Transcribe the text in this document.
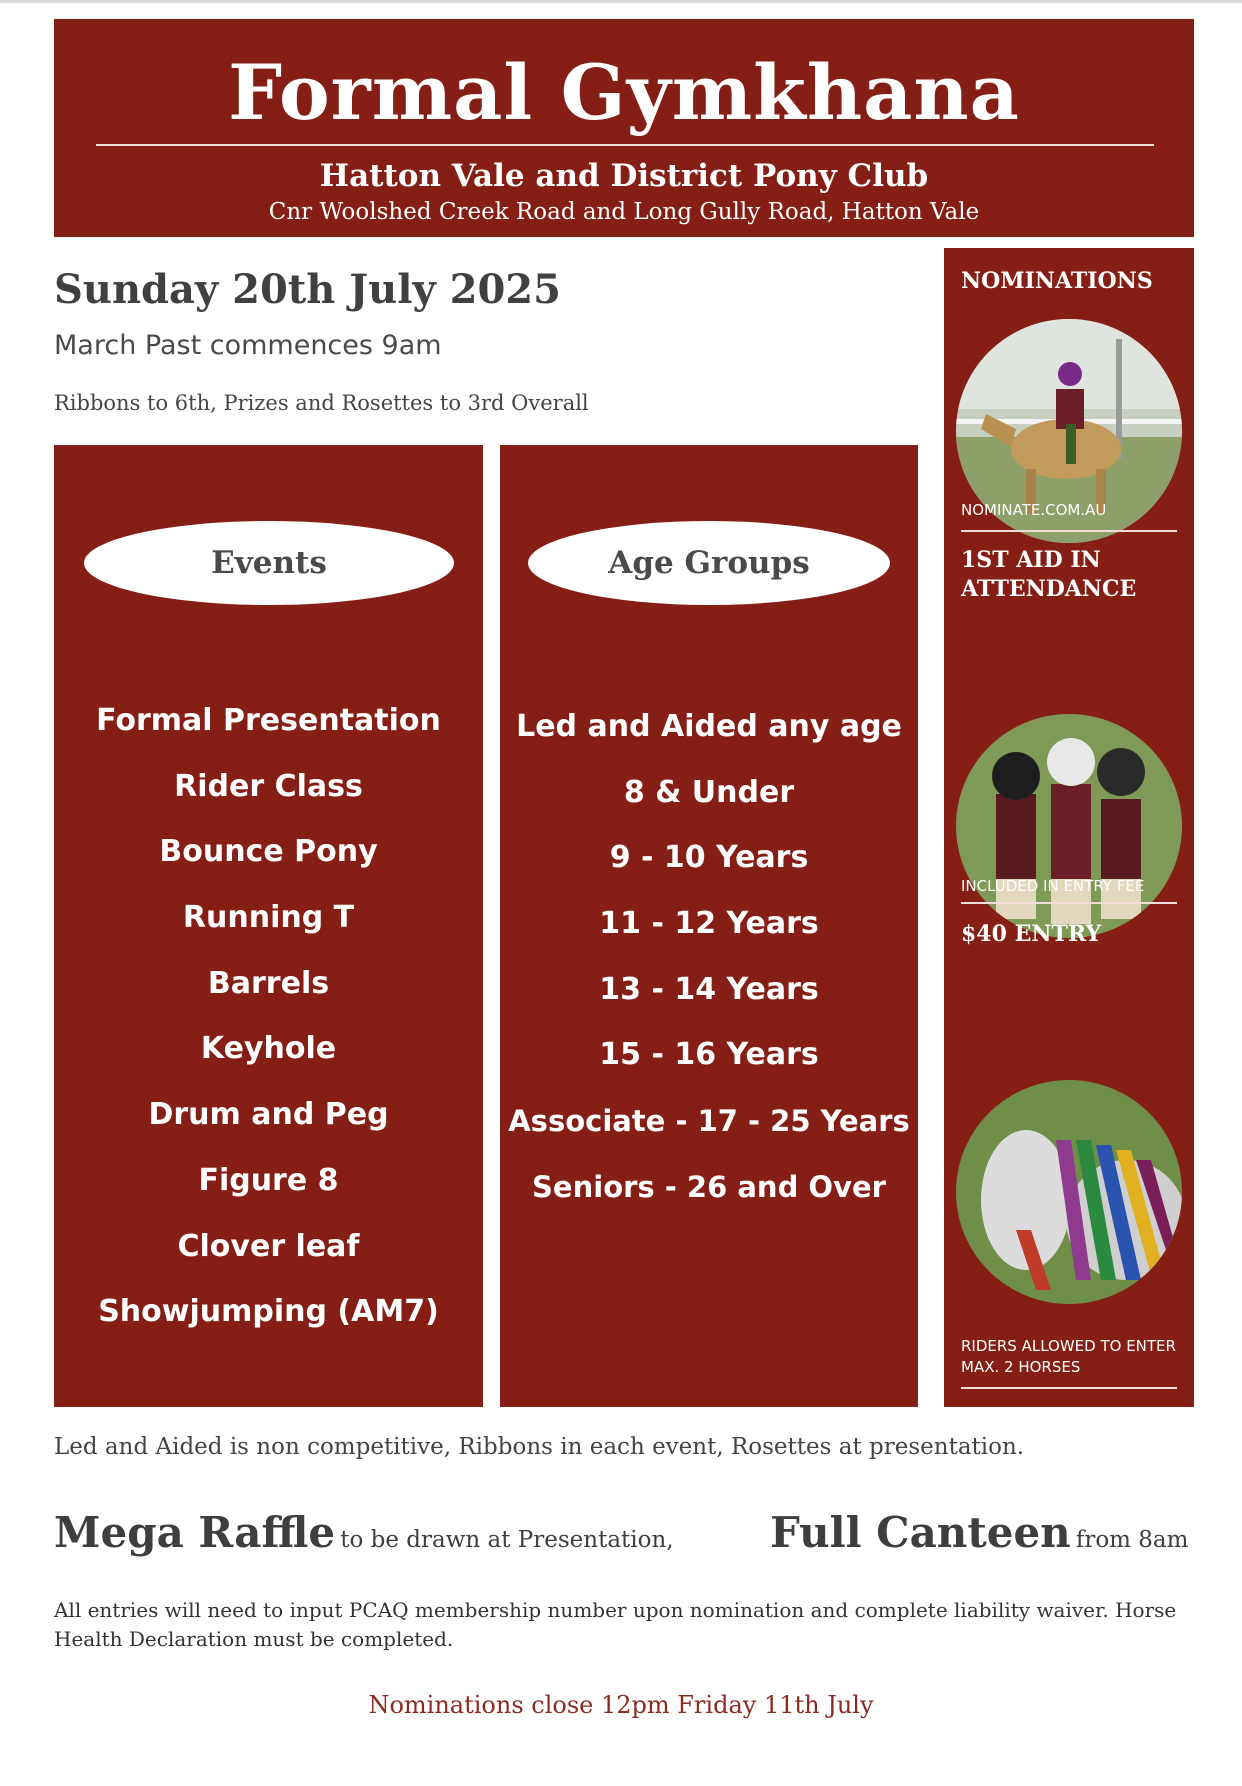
Formal Gymkhana
Hatton Vale and District Pony Club
Cnr Woolshed Creek Road and Long Gully Road, Hatton Vale
Sunday 20th July 2025
March Past commences 9am
Ribbons to 6th, Prizes and Rosettes to 3rd Overall
Events
Formal Presentation
Rider Class
Bounce Pony
Running T
Barrels
Keyhole
Drum and Peg
Figure 8
Clover leaf
Showjumping (AM7)
Age Groups
Led and Aided any age
8 & Under
9 - 10 Years
11 - 12 Years
13 - 14 Years
15 - 16 Years
Associate - 17 - 25 Years
Seniors - 26 and Over
NOMINATIONS
NOMINATE.COM.AU
1ST AID IN ATTENDANCE
INCLUDED IN ENTRY FEE
$40 ENTRY
RIDERS ALLOWED TO ENTER MAX. 2 HORSES
Led and Aided is non competitive, Ribbons in each event, Rosettes at presentation.
Mega Raffle to be drawn at Presentation, Full Canteen from 8am
All entries will need to input PCAQ membership number upon nomination and complete liability waiver. Horse Health Declaration must be completed.
Nominations close 12pm Friday 11th July
